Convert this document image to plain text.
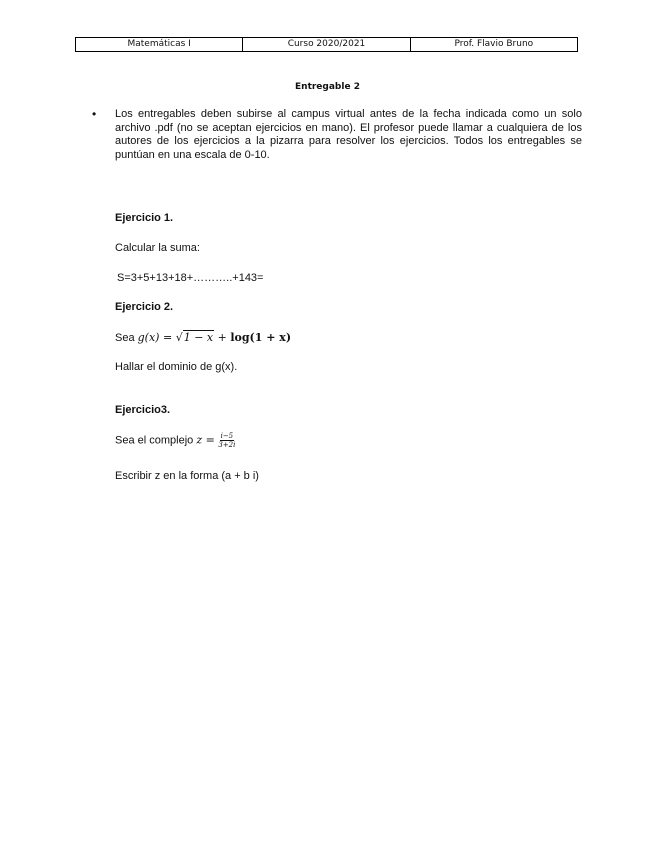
Matemáticas I	Curso 2020/2021	Prof. Flavio Bruno
Entregable 2
• Los entregables deben subirse al campus virtual antes de la fecha indicada como un solo archivo .pdf (no se aceptan ejercicios en mano). El profesor puede llamar a cualquiera de los autores de los ejercicios a la pizarra para resolver los ejercicios. Todos los entregables se puntúan en una escala de 0-10.
Ejercicio 1.
Calcular la suma:
S=3+5+13+18+………..+143=
Ejercicio 2.
Sea g(x) = √1 − x + log(1 + x)
Hallar el dominio de g(x).
Ejercicio3.
Sea el complejo $z = \frac{i-5}{3+2i}$
Escribir z en la forma (a + b i)
